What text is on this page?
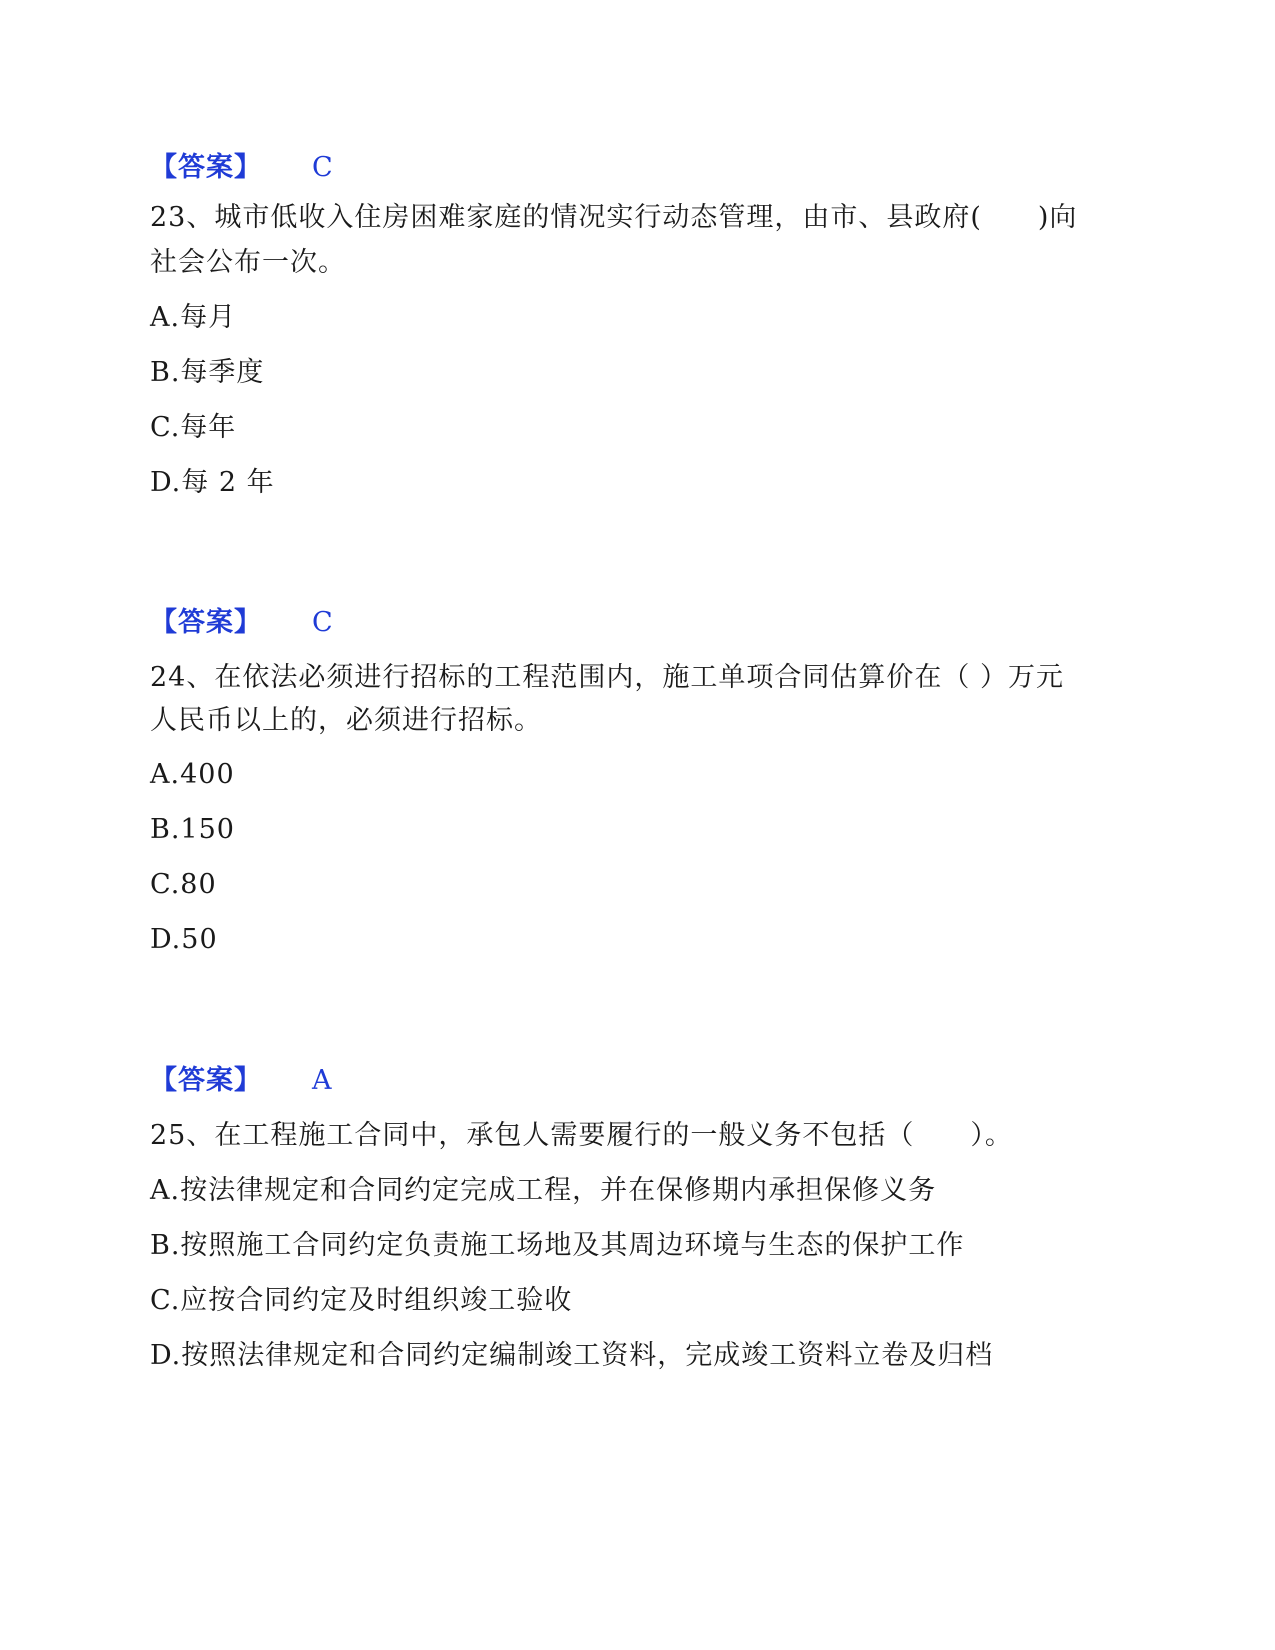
【答案】 C
23、城市低收入住房困难家庭的情况实行动态管理，由市、县政府(　　)向
社会公布一次。
A.每月
B.每季度
C.每年
D.每 2 年
【答案】 C
24、在依法必须进行招标的工程范围内，施工单项合同估算价在（ ）万元
人民币以上的，必须进行招标。
A.400
B.150
C.80
D.50
【答案】 A
25、在工程施工合同中，承包人需要履行的一般义务不包括（　　）。
A.按法律规定和合同约定完成工程，并在保修期内承担保修义务
B.按照施工合同约定负责施工场地及其周边环境与生态的保护工作
C.应按合同约定及时组织竣工验收
D.按照法律规定和合同约定编制竣工资料，完成竣工资料立卷及归档
